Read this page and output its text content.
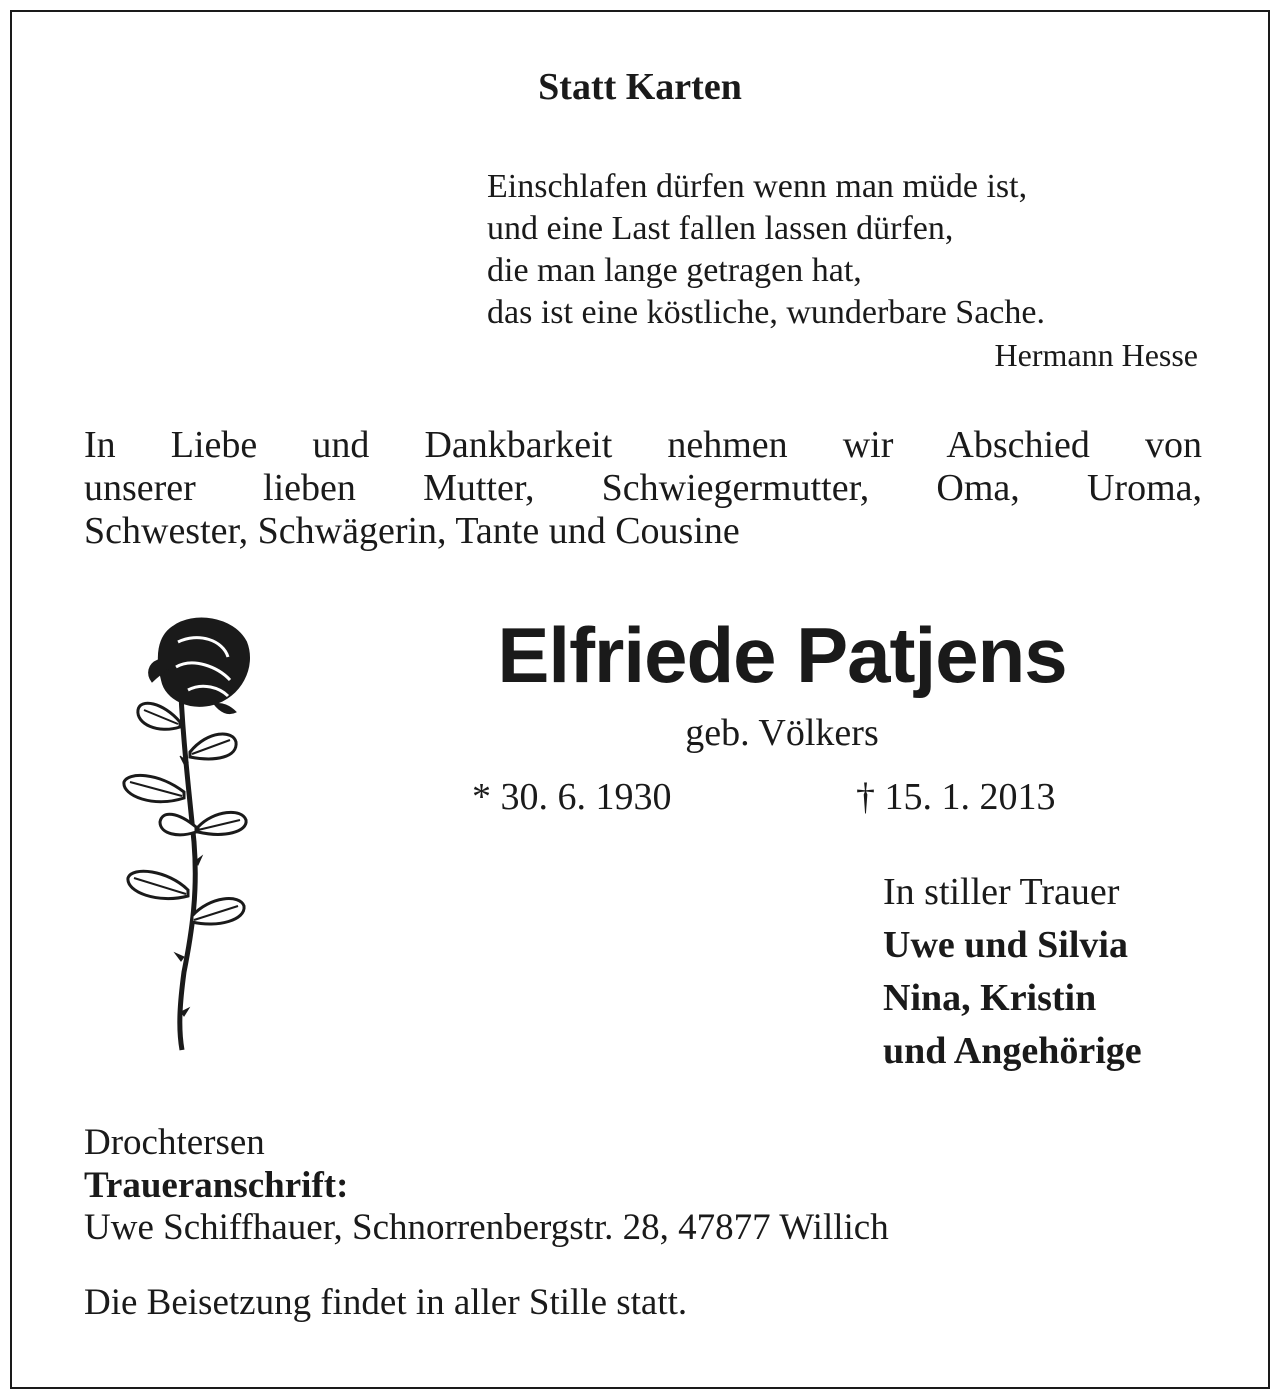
Statt Karten
Einschlafen dürfen wenn man müde ist,
und eine Last fallen lassen dürfen,
die man lange getragen hat,
das ist eine köstliche, wunderbare Sache.
Hermann Hesse
In Liebe und Dankbarkeit nehmen wir Abschied von
unserer lieben Mutter, Schwiegermutter, Oma, Uroma,
Schwester, Schwägerin, Tante und Cousine
Elfriede Patjens
geb. Völkers
* 30. 6. 1930	† 15. 1. 2013
In stiller Trauer
Uwe und Silvia
Nina, Kristin
und Angehörige
Drochtersen
Traueranschrift:
Uwe Schiffhauer, Schnorrenbergstr. 28, 47877 Willich
Die Beisetzung findet in aller Stille statt.
